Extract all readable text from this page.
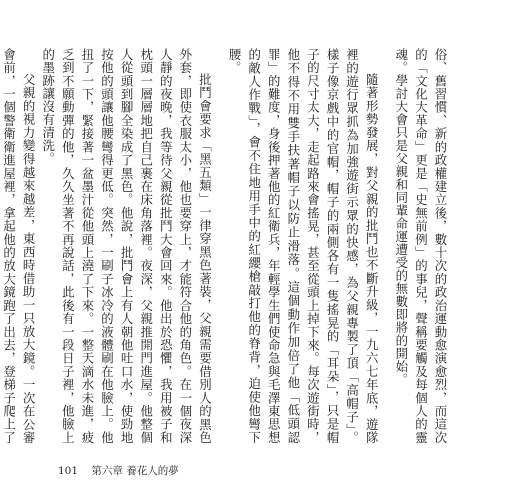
俗、舊習慣、新的政權建立後，數十次的政治運動愈演愈烈，而這次的「文化大革命」更是「史無前例」的事兒，聲稱要觸及每個人的靈魂。學討大會只是父親和同輩命運遭受的無數即將的開始。

隨著形勢發展，對父親的批鬥也不斷升級，一九六七年底，遊隊裡的遊行眾抓為加強遊街示眾的快感，為父親專製了頂「高帽子」。樣子像京戲中的官帽，帽子的兩側各有一隻搖晃的「耳朵」，只是帽子的尺寸太大，走起路來會搖晃，甚至從頭上掉下來。每次遊街時，他不得不用雙手扶著帽子以防止滑落。這個動作加倍了他「低頭認罪」的難度，身後押著他的紅衛兵，年輕學生們使命急與毛澤東思想的敵人作戰」，會不住地用手中的紅纓槍敲打他的脊背，迫使他彎下腰。

批鬥會要求「黑五類」一律穿黑色著裝，父親需要借別人的黑色外套，即使衣服太小，他也要穿上，才能符合他的角色。在一個夜深人靜的夜晚，我等待父親從批鬥大會回來。他出於恐懼，我用被子和枕頭一層層地把自己裹在床角落裡。夜深，父親推開門進屋。他整個人從頭到腳全染成了黑色。他說，批鬥會上有人朝他吐口水，使勁地按他的頭讓他腰彎得更低。突然，一刷子冰冷的液體刷在他臉上。他扭了一下，緊接著一盆墨汁從他頭上澆了下來。一整天滴水未進，疲乏到不願動彈的他，久久坐著不再說話，此後有一段日子裡，他臉上的墨跡讓沒有清洗。

父親的視力變得越來越差，東西時借助一只放大鏡。一次在公審會前，一個警衛衛進屋裡，拿起他的放大鏡跑了出去，登梯子爬上了

101 第六章 養花人的夢
